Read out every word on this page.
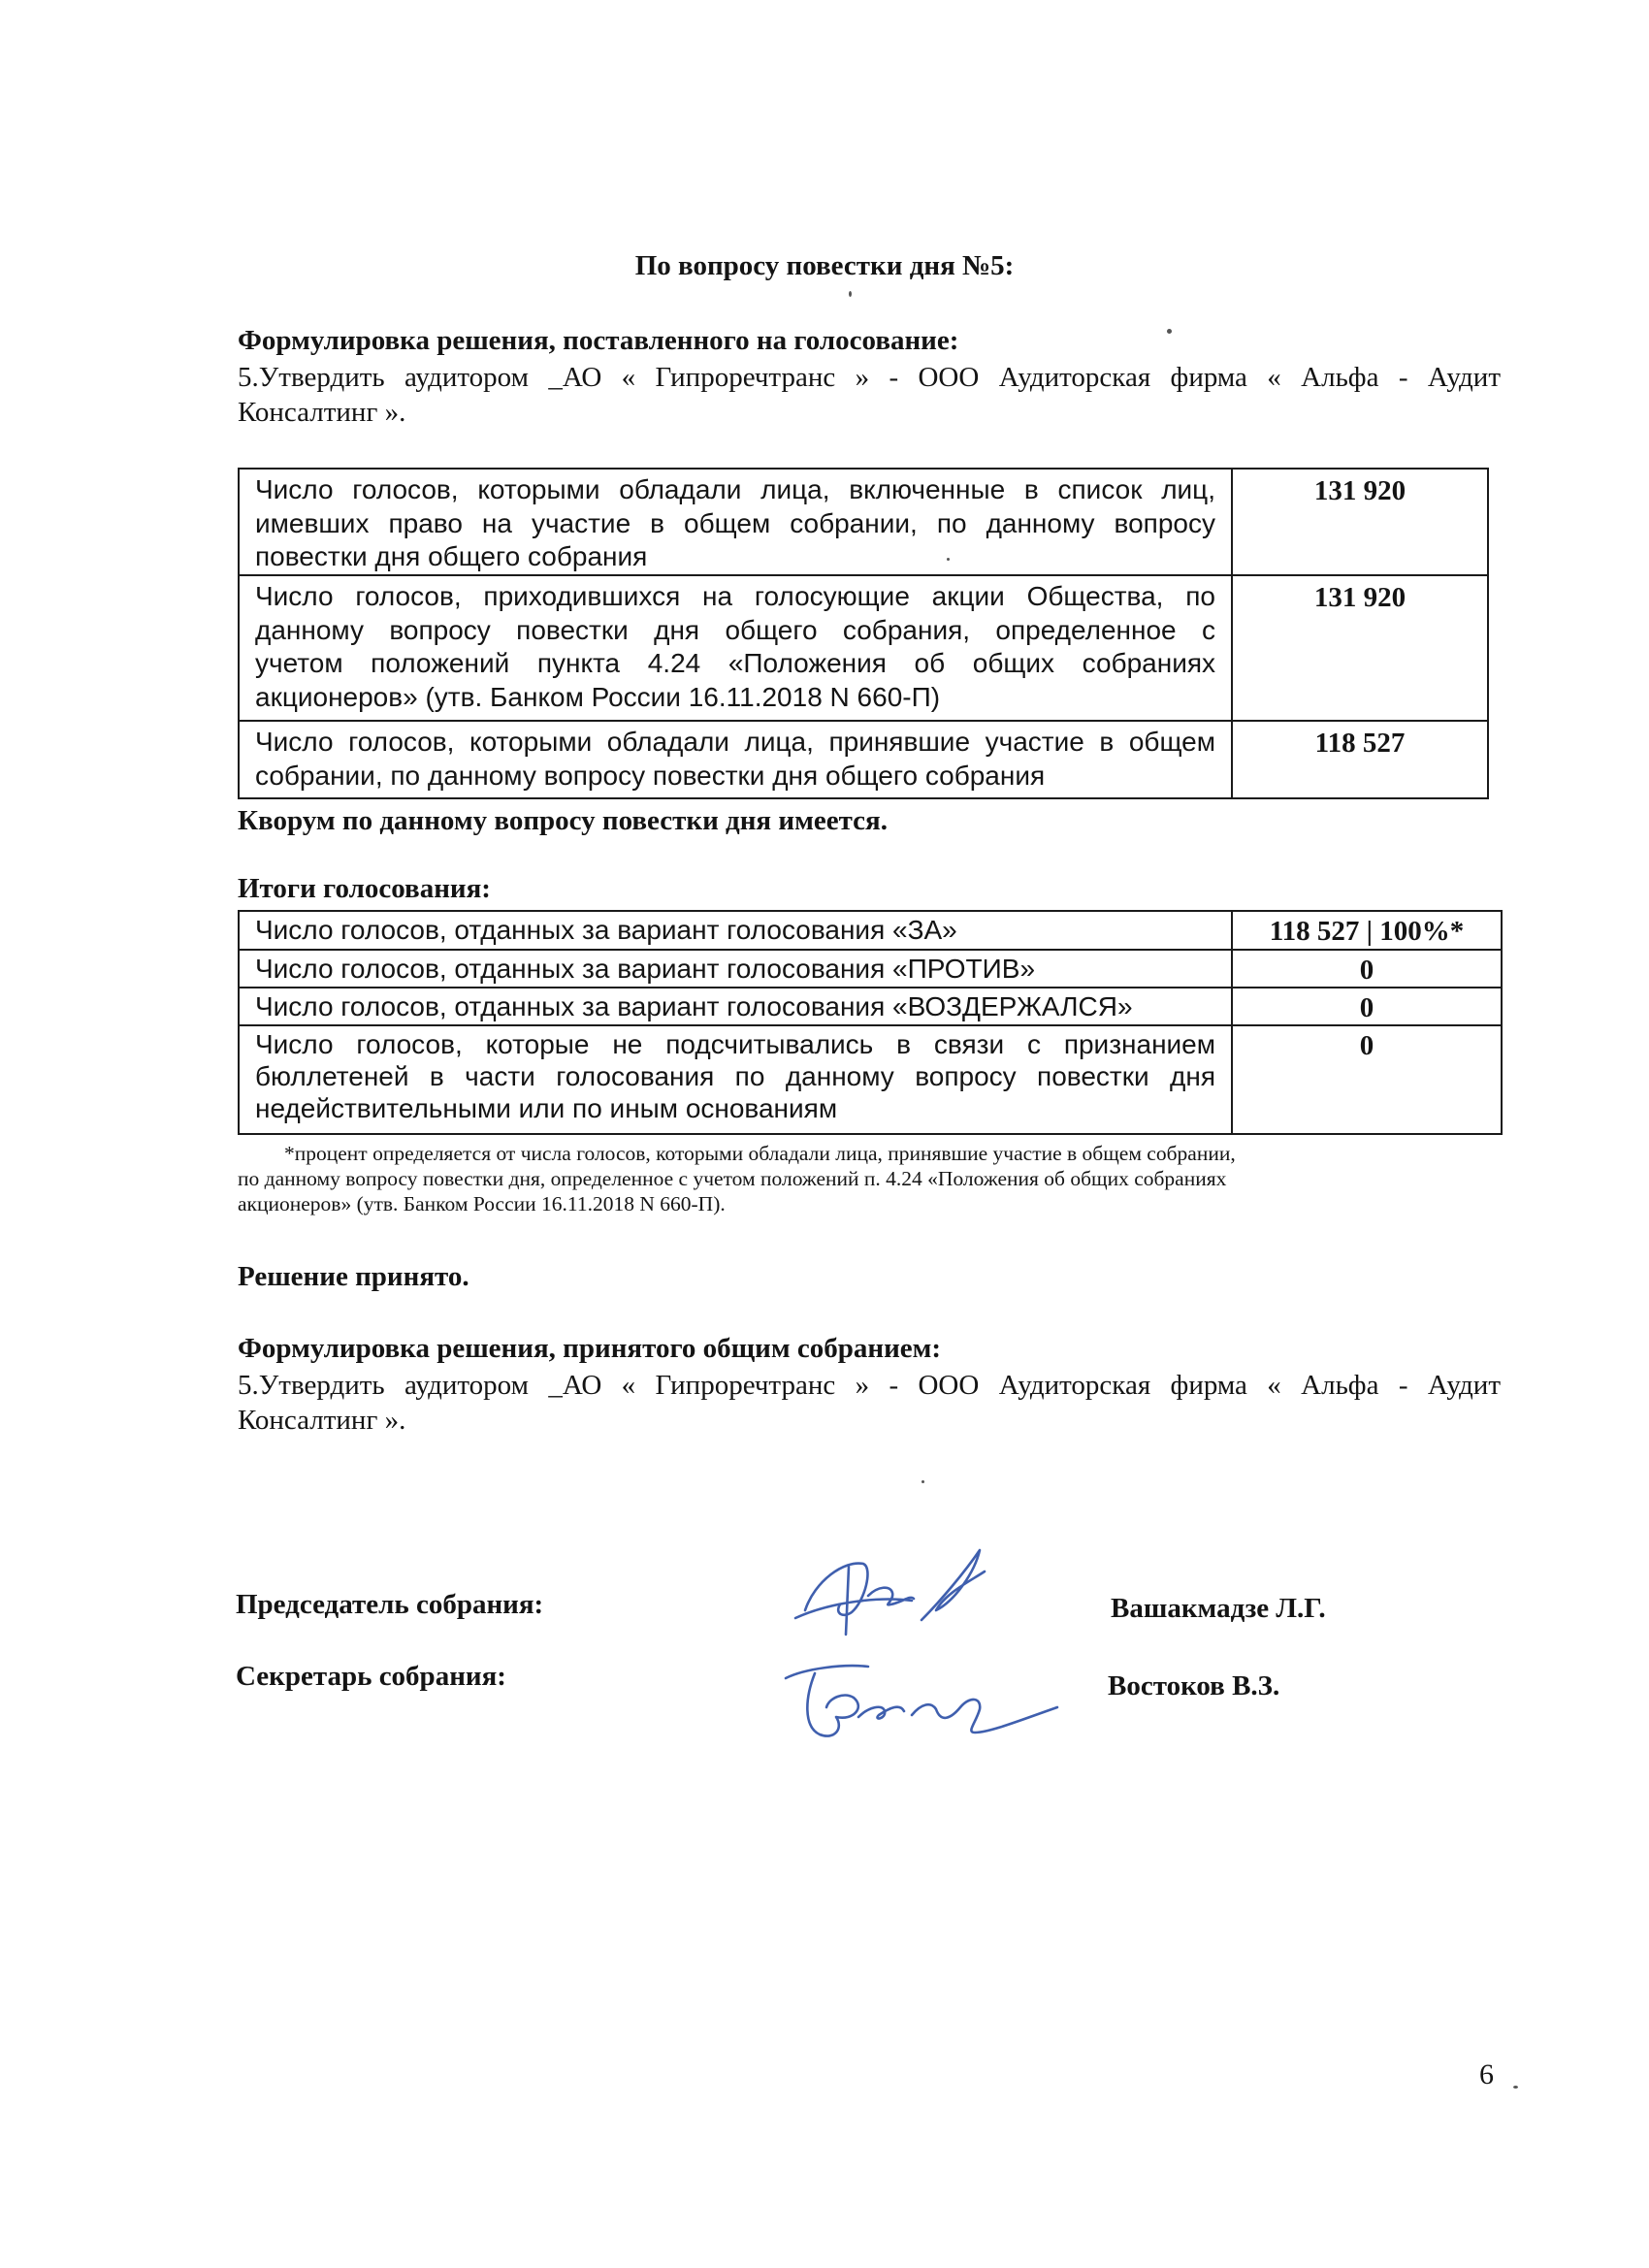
По вопросу повестки дня №5:
Формулировка решения, поставленного на голосование:
5.Утвердить аудитором _АО « Гипроречтранс » - ООО Аудиторская фирма « Альфа - Аудит
Консалтинг ».
Число голосов, которыми обладали лица, включенные в список лиц,
имевших право на участие в общем собрании, по данному вопросу
повестки дня общего собрания	131 920

Число голосов, приходившихся на голосующие акции Общества, по
данному вопросу повестки дня общего собрания, определенное с
учетом положений пункта 4.24 «Положения об общих собраниях
акционеров» (утв. Банком России 16.11.2018 N 660-П)	131 920

Число голосов, которыми обладали лица, принявшие участие в общем
собрании, по данному вопросу повестки дня общего собрания	118 527
Кворум по данному вопросу повестки дня имеется.
Итоги голосования:
Число голосов, отданных за вариант голосования «ЗА»	118 527 | 100%*

Число голосов, отданных за вариант голосования «ПРОТИВ»	0

Число голосов, отданных за вариант голосования «ВОЗДЕРЖАЛСЯ»	0

Число голосов, которые не подсчитывались в связи с признанием
бюллетеней в части голосования по данному вопросу повестки дня
недействительными или по иным основаниям	0
*процент определяется от числа голосов, которыми обладали лица, принявшие участие в общем собрании,
по данному вопросу повестки дня, определенное с учетом положений п. 4.24 «Положения об общих собраниях
акционеров» (утв. Банком России 16.11.2018 N 660-П).
Решение принято.
Формулировка решения, принятого общим собранием:
5.Утвердить аудитором _АО « Гипроречтранс » - ООО Аудиторская фирма « Альфа - Аудит
Консалтинг ».
Председатель собрания:	Вашакмадзе Л.Г.
Секретарь собрания:	Востоков В.З.
6
